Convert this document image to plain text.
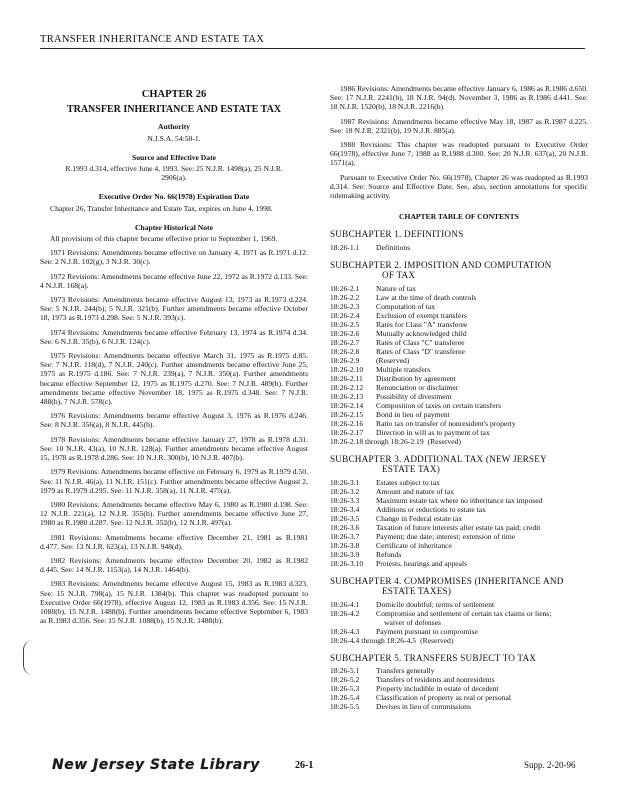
TRANSFER INHERITANCE AND ESTATE TAX
CHAPTER 26
TRANSFER INHERITANCE AND ESTATE TAX
Authority
N.J.S.A. 54:50-1.
Source and Effective Date
R.1993 d.314, effective June 4, 1993. See: 25 N.J.R. 1498(a), 25 N.J.R. 2906(a).
Executive Order No. 66(1978) Expiration Date

Chapter 26, Transfer Inheritance and Estate Tax, expires on June 4, 1998.

Chapter Historical Note

All provisions of this chapter became effective prior to September 1, 1969.

1971 Revisions: Amendments became effective on January 4, 1971 as R.1971 d.12. See: 2 N.J.R. 102(g), 3 N.J.R. 30(c).

1972 Revisions: Amendments became effective June 22, 1972 as R.1972 d.133. See: 4 N.J.R. 168(a).

1973 Revisions: Amendments became effective August 13, 1973 as R.1973 d.224. See: 5 N.J.R. 244(b), 5 N.J.R. 321(b). Further amendments became effective October 18, 1973 as R.1973 d.298. See: 5 N.J.R. 393(c).

1974 Revisions: Amendments became effective February 13, 1974 as R.1974 d.34. See: 6 N.J.R. 35(b), 6 N.J.R. 124(c).

1975 Revisions: Amendments became effective March 31, 1975 as R.1975 d.85. See: 7 N.J.R. 118(d), 7 N.J.R. 240(c). Further amendments became effective June 25, 1975 as R.1975 d.186. See: 7 N.J.R. 239(a), 7 N.J.R. 350(a). Further amendments became effective September 12, 1975 as R.1975 d.270. See: 7 N.J.R. 489(b). Further amendments became effective November 18, 1975 as R.1975 d.348. See: 7 N.J.R. 488(b), 7 N.J.R. 578(c).

1976 Revisions: Amendments became effective August 3, 1976 as R.1976 d.246. See: 8 N.J.R. 356(a), 8 N.J.R. 445(b).

1978 Revisions: Amendments became effective January 27, 1978 as R.1978 d.31. See: 10 N.J.R. 43(a), 10 N.J.R. 128(a). Further amendments became effective August 15, 1978 as R.1978 d.286. See: 10 N.J.R. 300(b), 10 N.J.R. 407(b).

1979 Revisions: Amendments became effective on February 6, 1979 as R.1979 d.50. See: 11 N.J.R. 46(a), 11 N.J.R. 151(c). Further amendments became effective August 2, 1979 as R.1979 d.295. See: 11 N.J.R. 358(a), 11 N.J.R. 475(a).

1980 Revisions: Amendments became effective May 6, 1980 as R.1980 d.198. See: 12 N.J.R. 221(a), 12 N.J.R. 355(b). Further amendments became effective June 27, 1980 as R.1980 d.287. See: 12 N.J.R. 352(b), 12 N.J.R. 497(a).

1981 Revisions: Amendments became effective December 21, 1981 as R.1981 d.477. See: 13 N.J.R. 623(a), 13 N.J.R. 948(d).

1982 Revisions: Amendments became effective December 20, 1982 as R.1982 d.445. See: 14 N.J.R. 1153(a), 14 N.J.R. 1464(b).

1983 Revisions: Amendments became effective August 15, 1983 as R.1983 d.323. See: 15 N.J.R. 798(a), 15 N.J.R. 1384(b). This chapter was readopted pursuant to Executive Order 66(1978), effective August 12, 1983 as R.1983 d.356. See: 15 N.J.R. 1088(b), 15 N.J.R. 1488(b). Further amendments became effective September 6, 1983 as R.1983 d.356. See: 15 N.J.R. 1088(b), 15 N.J.R. 1488(b).

1986 Revisions: Amendments became effective January 6, 1986 as R.1986 d.650. See: 17 N.J.R. 2241(b), 18 N.J.R. 94(d). November 3, 1986 as R.1986 d.441. See: 18 N.J.R. 1520(b), 18 N.J.R. 2216(b).

1987 Revisions: Amendments became effective May 18, 1987 as R.1987 d.225. See: 18 N.J.R. 2321(b), 19 N.J.R. 885(a).

1988 Revisions: This chapter was readopted pursuant to Executive Order 66(1978), effective June 7, 1988 as R.1988 d.300. See: 20 N.J.R. 637(a), 20 N.J.R. 1571(a).

Pursuant to Executive Order No. 66(1978), Chapter 26 was readopted as R.1993 d.314. See: Source and Effective Date. See, also, section annotations for specific rulemaking activity.

CHAPTER TABLE OF CONTENTS
SUBCHAPTER 1. DEFINITIONS
18:26-1.1	Definitions
SUBCHAPTER 2. IMPOSITION AND COMPUTATION
OF TAX
18:26-2.1	Nature of tax
18:26-2.2	Law at the time of death controls
18:26-2.3	Computation of tax
18:26-2.4	Exclusion of exempt transfers
18:26-2.5	Rates for Class "A" transferee
18:26-2.6	Mutually acknowledged child
18:26-2.7	Rates of Class "C" transferee
18:26-2.8	Rates of Class "D" transferee
18:26-2.9	(Reserved)
18:26-2.10	Multiple transfers
18:26-2.11	Distribution by agreement
18:26-2.12	Renunciation or disclaimer
18:26-2.13	Possibility of divestment
18:26-2.14	Composition of taxes on certain transfers
18:26-2.15	Bond in lieu of payment
18:26-2.16	Ratio tax on transfer of nonresident's property
18:26-2.17	Direction in will as to payment of tax
18:26-2.18 through 18:26-2.19 (Reserved)
SUBCHAPTER 3. ADDITIONAL TAX (NEW JERSEY
ESTATE TAX)
18:26-3.1	Estates subject to tax
18:26-3.2	Amount and nature of tax
18:26-3.3	Maximum estate tax where no inheritance tax imposed
18:26-3.4	Additions or reductions to estate tax
18:26-3.5	Change in Federal estate tax
18:26-3.6	Taxation of future interests after estate tax paid; credit
18:26-3.7	Payment; due date; interest; extension of time
18:26-3.8	Certificate of inheritance
18:26-3.9	Refunds
18:26-3.10	Protests, hearings and appeals
SUBCHAPTER 4. COMPROMISES (INHERITANCE AND
ESTATE TAXES)
18:26-4.1	Domicile doubtful; terms of settlement
18:26-4.2	Compromise and settlement of certain tax claims or liens;
waiver of defenses
18:26-4.3	Payment pursuant to compromise
18:26-4.4 through 18:26-4.5 (Reserved)
SUBCHAPTER 5. TRANSFERS SUBJECT TO TAX
18:26-5.1	Transfers generally
18:26-5.2	Transfers of residents and nonresidents
18:26-5.3	Property includible in estate of decedent
18:26-5.4	Classification of property as real or personal
18:26-5.5	Devises in lieu of commissions
New Jersey State Library	26-1	Supp. 2-20-96
